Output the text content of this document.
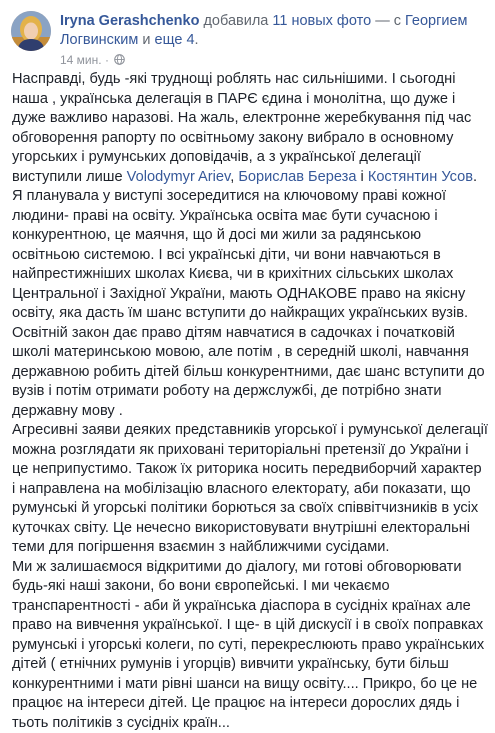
Iryna Gerashchenko добавила 11 новых фото — с Георгием Логвинским и еще 4.
14 мин. ·

Насправді, будь -які труднощі роблять нас сильнішими. І сьогодні наша , українська делегація в ПАРЄ єдина і монолітна, що дуже і дуже важливо наразові. На жаль, електронне жеребкування під час обговорення рапорту по освітньому закону вибрало в основному угорських і румунських доповідачів, а з української делегації виступили лише Volodymyr Ariev, Борислав Береза і Костянтин Усов. Я планувала у виступі зосередитися на ключовому праві кожної людини- праві на освіту. Українська освіта має бути сучасною і конкурентною, це маячня, що й досі ми жили за радянською освітньою системою. І всі українські діти, чи вони навчаються в найпрестижніших школах Києва, чи в крихітних сільських школах Центральної і Західної України, мають ОДНАКОВЕ право на якісну освіту, яка дасть їм шанс вступити до найкращих українських вузів. Освітній закон дає право дітям навчатися в садочках і початковій школі материнською мовою, але потім , в середній школі, навчання державною робить дітей більш конкурентними, дає шанс вступити до вузів і потім отримати роботу на держслужбі, де потрібно знати державну мову .

Агресивні заяви деяких представників угорської і румунської делегації можна розглядати як приховані територіальні претензії до України і це неприпустимо. Також їх риторика носить передвиборчий характер і направлена на мобілізацію власного електорату, аби показати, що румунські й угорські політики борються за своїх співвітчизників в усіх куточках світу. Це нечесно використовувати внутрішні електоральні теми для погіршення взаємин з найближчими сусідами.

Ми ж залишаємося відкритими до діалогу, ми готові обговорювати будь-які наші закони, бо вони європейські. І ми чекаємо транспарентності - аби й українська діаспора в сусідніх країнах але право на вивчення української. І ще- в цій дискусії і в своїх поправках румунські і угорські колеги, по суті, перекреслюють право українських дітей ( етнічних румунів і угорців) вивчити українську, бути більш конкурентними і мати рівні шанси на вищу освіту.... Прикро, бо це не працює на інтереси дітей. Це працює на інтереси дорослих дядь і тьоть політиків з сусідніх країн...
